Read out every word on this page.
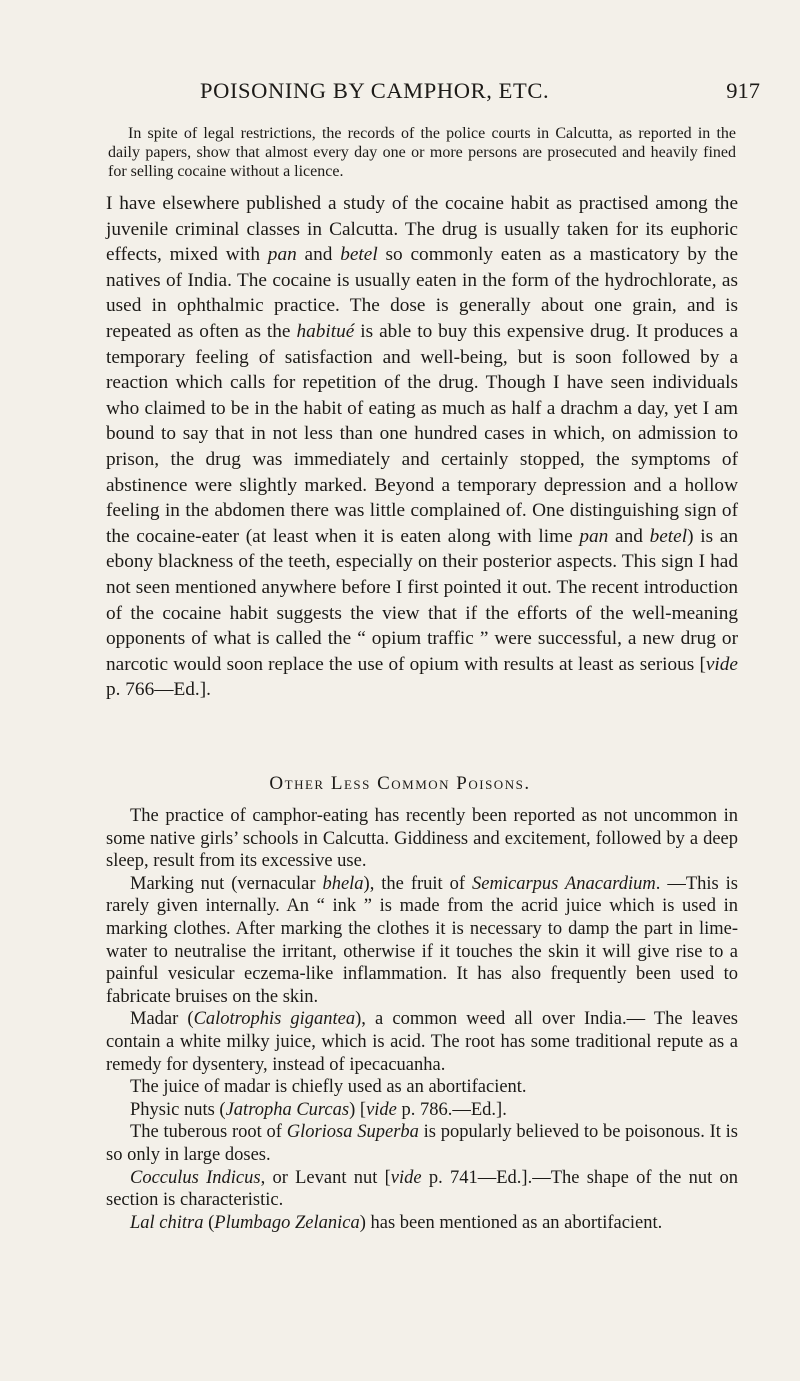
POISONING BY CAMPHOR, ETC.	917

In spite of legal restrictions, the records of the police courts in Calcutta, as reported in the daily papers, show that almost every day one or more persons are prosecuted and heavily fined for selling cocaine without a licence.

I have elsewhere published a study of the cocaine habit as practised among the juvenile criminal classes in Calcutta. The drug is usually taken for its euphoric effects, mixed with pan and betel so commonly eaten as a masticatory by the natives of India. The cocaine is usually eaten in the form of the hydrochlorate, as used in ophthalmic practice. The dose is generally about one grain, and is repeated as often as the habitué is able to buy this expensive drug. It produces a temporary feeling of satisfaction and well-being, but is soon followed by a reaction which calls for repetition of the drug. Though I have seen individuals who claimed to be in the habit of eating as much as half a drachm a day, yet I am bound to say that in not less than one hundred cases in which, on admission to prison, the drug was immediately and certainly stopped, the symptoms of abstinence were slightly marked. Beyond a temporary depression and a hollow feeling in the abdomen there was little complained of. One distinguishing sign of the cocaine-eater (at least when it is eaten along with lime pan and betel) is an ebony blackness of the teeth, especially on their posterior aspects. This sign I had not seen mentioned anywhere before I first pointed it out. The recent introduction of the cocaine habit suggests the view that if the efforts of the well-meaning opponents of what is called the “ opium traffic ” were successful, a new drug or narcotic would soon replace the use of opium with results at least as serious [vide p. 766—Ed.].

Other Less Common Poisons.

The practice of camphor-eating has recently been reported as not uncommon in some native girls’ schools in Calcutta. Giddiness and excitement, followed by a deep sleep, result from its excessive use.

Marking nut (vernacular bhela), the fruit of Semicarpus Anacardium. —This is rarely given internally. An “ ink ” is made from the acrid juice which is used in marking clothes. After marking the clothes it is necessary to damp the part in lime-water to neutralise the irritant, otherwise if it touches the skin it will give rise to a painful vesicular eczema-like inflammation. It has also frequently been used to fabricate bruises on the skin.

Madar (Calotrophis gigantea), a common weed all over India.— The leaves contain a white milky juice, which is acid. The root has some traditional repute as a remedy for dysentery, instead of ipecacuanha.

The juice of madar is chiefly used as an abortifacient.

Physic nuts (Jatropha Curcas) [vide p. 786.—Ed.].

The tuberous root of Gloriosa Superba is popularly believed to be poisonous. It is so only in large doses.

Cocculus Indicus, or Levant nut [vide p. 741—Ed.].—The shape of the nut on section is characteristic.

Lal chitra (Plumbago Zelanica) has been mentioned as an abortifacient.
